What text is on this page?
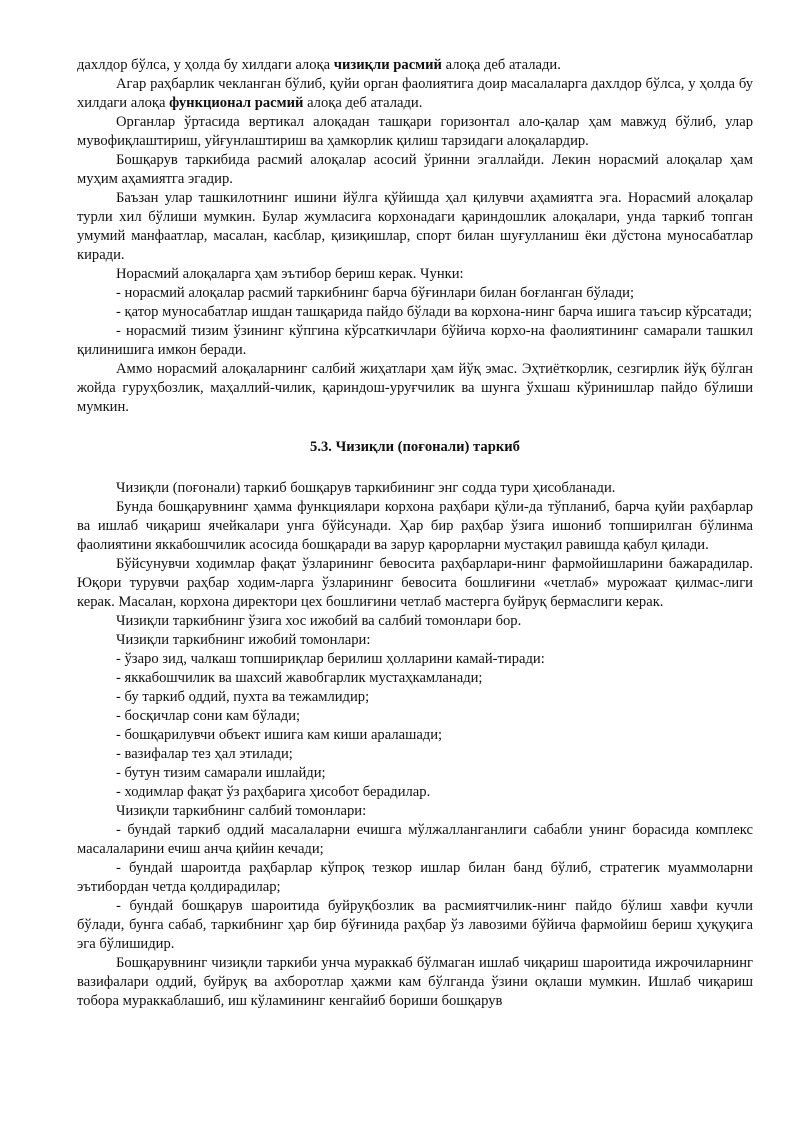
дахлдор бўлса, у ҳолда бу хилдаги алоқа чизиқли расмий алоқа деб аталади.

Агар раҳбарлик чекланган бўлиб, қуйи орган фаолиятига доир масалаларга дахлдор бўлса, у ҳолда бу хилдаги алоқа функционал расмий алоқа деб аталади.

Органлар ўртасида вертикал алоқадан ташқари горизонтал ало-қалар ҳам мавжуд бўлиб, улар мувофиқлаштириш, уйғунлаштириш ва ҳамкорлик қилиш тарзидаги алоқалардир.

Бошқарув таркибида расмий алоқалар асосий ўринни эгаллайди. Лекин норасмий алоқалар ҳам муҳим аҳамиятга эгадир.

Баъзан улар ташкилотнинг ишини йўлга қўйишда ҳал қилувчи аҳамиятга эга. Норасмий алоқалар турли хил бўлиши мумкин. Булар жумласига корхонадаги қариндошлик алоқалари, унда таркиб топган умумий манфаатлар, масалан, касблар, қизиқишлар, спорт билан шуғулланиш ёки дўстона муносабатлар киради.

Норасмий алоқаларга ҳам эътибор бериш керак. Чунки:

- норасмий алоқалар расмий таркибнинг барча бўғинлари билан боғланган бўлади;

- қатор муносабатлар ишдан ташқарида пайдо бўлади ва корхона-нинг барча ишига таъсир кўрсатади;

- норасмий тизим ўзининг кўпгина кўрсаткичлари бўйича корхо-на фаолиятининг самарали ташкил қилинишига имкон беради.

Аммо норасмий алоқаларнинг салбий жиҳатлари ҳам йўқ эмас. Эҳтиёткорлик, сезгирлик йўқ бўлган жойда гуруҳбозлик, маҳаллий-чилик, қариндош-уруғчилик ва шунга ўхшаш кўринишлар пайдо бўлиши мумкин.

5.3. Чизиқли (поғонали) таркиб

Чизиқли (поғонали) таркиб бошқарув таркибининг энг содда тури ҳисобланади.

Бунда бошқарувнинг ҳамма функциялари корхона раҳбари қўли-да тўпланиб, барча қуйи раҳбарлар ва ишлаб чиқариш ячейкалари унга бўйсунади. Ҳар бир раҳбар ўзига ишониб топширилган бўлинма фаолиятини яккабошчилик асосида бошқаради ва зарур қарорларни мустақил равишда қабул қилади.

Бўйсунувчи ходимлар фақат ўзларининг бевосита раҳбарлари-нинг фармойишларини бажарадилар. Юқори турувчи раҳбар ходим-ларга ўзларининг бевосита бошлиғини «четлаб» мурожаат қилмас-лиги керак. Масалан, корхона директори цех бошлиғини четлаб мастерга буйруқ бермаслиги керак.

Чизиқли таркибнинг ўзига хос ижобий ва салбий томонлари бор.

Чизиқли таркибнинг ижобий томонлари:

- ўзаро зид, чалкаш топшириқлар берилиш ҳолларини камай-тиради:

- яккабошчилик ва шахсий жавобгарлик мустаҳкамланади;

- бу таркиб оддий, пухта ва тежамлидир;

- босқичлар сони кам бўлади;

- бошқарилувчи объект ишига кам киши аралашади;

- вазифалар тез ҳал этилади;

- бутун тизим самарали ишлайди;

- ходимлар фақат ўз раҳбарига ҳисобот берадилар.

Чизиқли таркибнинг салбий томонлари:

- бундай таркиб оддий масалаларни ечишга мўлжалланганлиги сабабли унинг борасида комплекс масалаларини ечиш анча қийин кечади;

- бундай шароитда раҳбарлар кўпроқ тезкор ишлар билан банд бўлиб, стратегик муаммоларни эътибордан четда қолдирадилар;

- бундай бошқарув шароитида буйруқбозлик ва расмиятчилик-нинг пайдо бўлиш хавфи кучли бўлади, бунга сабаб, таркибнинг ҳар бир бўғинида раҳбар ўз лавозими бўйича фармойиш бериш ҳуқуқига эга бўлишидир.

Бошқарувнинг чизиқли таркиби унча мураккаб бўлмаган ишлаб чиқариш шароитида ижрочиларнинг вазифалари оддий, буйруқ ва ахборотлар ҳажми кам бўлганда ўзини оқлаши мумкин. Ишлаб чиқариш тобора мураккаблашиб, иш кўламининг кенгайиб бориши бошқарув
